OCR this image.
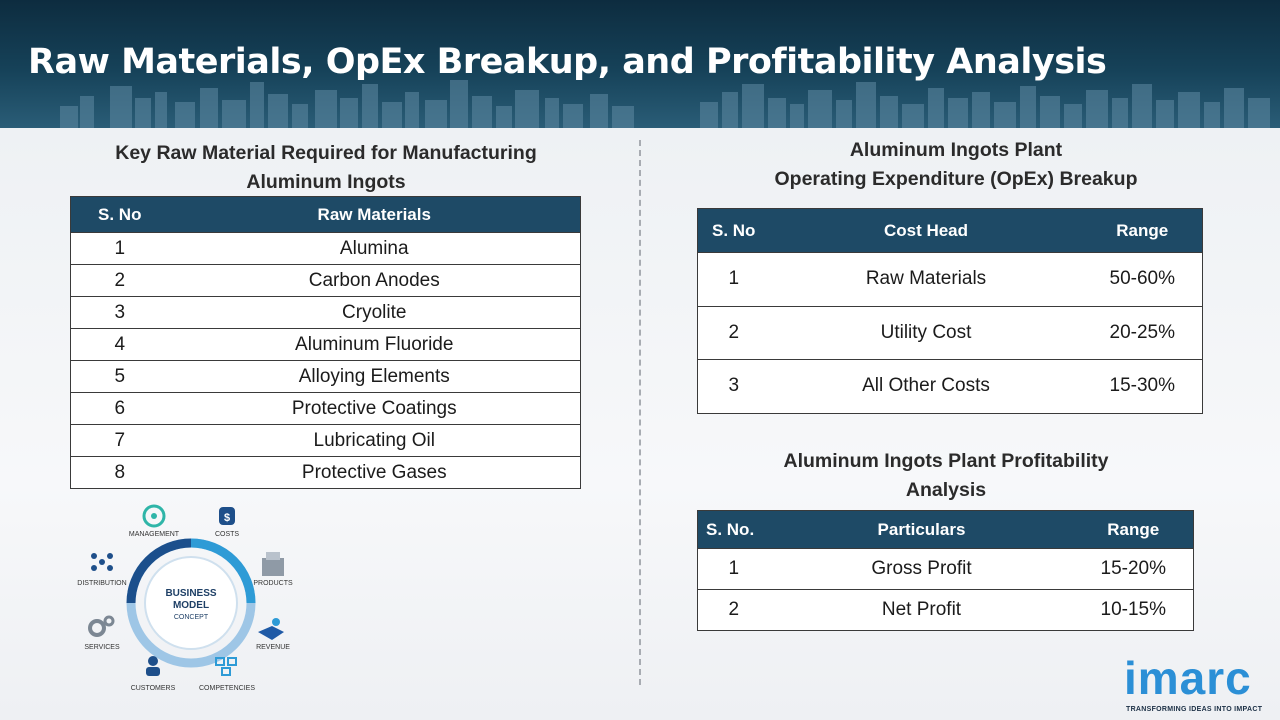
Raw Materials, OpEx Breakup, and Profitability Analysis
Key Raw Material Required for Manufacturing
Aluminum Ingots
S. No	Raw Materials
1	Alumina
2	Carbon Anodes
3	Cryolite
4	Aluminum Fluoride
5	Alloying Elements
6	Protective Coatings
7	Lubricating Oil
8	Protective Gases
Aluminum Ingots Plant
Operating Expenditure (OpEx) Breakup
S. No	Cost Head	Range
1	Raw Materials	50-60%
2	Utility Cost	20-25%
3	All Other Costs	15-30%
Aluminum Ingots Plant Profitability
Analysis
S. No.	Particulars	Range
1	Gross Profit	15-20%
2	Net Profit	10-15%
BUSINESS
MODEL
CONCEPT
$
MANAGEMENT	COSTS
PRODUCTS
REVENUE
COMPETENCIES
CUSTOMERS
SERVICES
DISTRIBUTION
imarc
TRANSFORMING IDEAS INTO IMPACT
